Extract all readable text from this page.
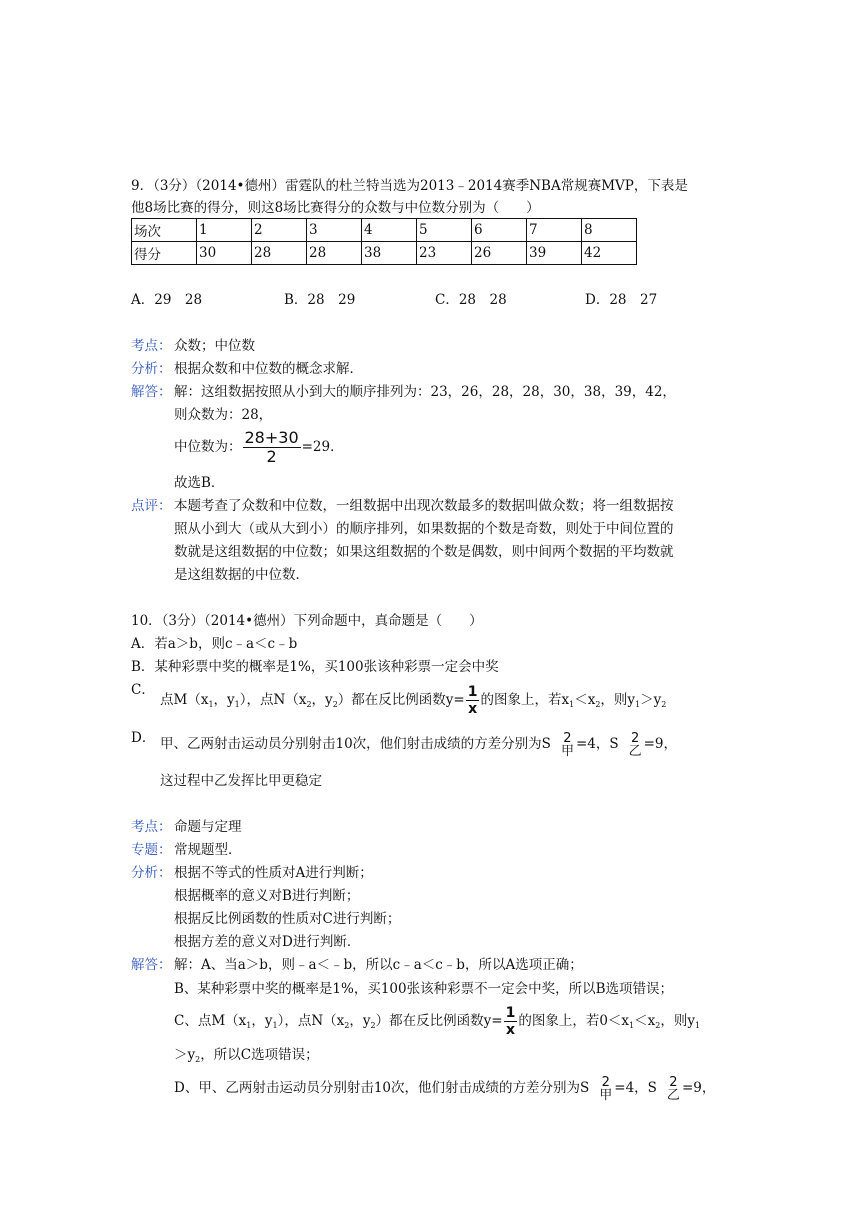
9．（3分）（2014•德州）雷霆队的杜兰特当选为2013﹣2014赛季NBA常规赛MVP，下表是
他8场比赛的得分，则这8场比赛得分的众数与中位数分别为（　　）
场次	1	2	3	4	5	6	7	8
得分	30	28	28	38	23	26	39	42
A．29　28	B．28　29	C．28　28	D．28　27
考点： 众数；中位数
分析： 根据众数和中位数的概念求解．
解答： 解：这组数据按照从小到大的顺序排列为：23，26，28，28，30，38，39，42，
则众数为：28，
中位数为： $\frac{28+30}{2} =29$．
故选B．
点评： 本题考查了众数和中位数，一组数据中出现次数最多的数据叫做众数；将一组数据按
照从小到大（或从大到小）的顺序排列，如果数据的个数是奇数，则处于中间位置的
数就是这组数据的中位数；如果这组数据的个数是偶数，则中间两个数据的平均数就
是这组数据的中位数．
10．（3分）（2014•德州）下列命题中，真命题是（　　）
A．若a＞b，则c﹣a＜c﹣b
B．某种彩票中奖的概率是1%，买100张该种彩票一定会中奖
C．
点$M(x_1$，$y_1$），点$N(x_2$，$y_2$）都在反比例函数$y= \frac{1}{x}$ 的图象上，若$x_1<x_2$，则$y_1>y_2$
D． 甲、乙两射击运动员分别射击10次，他们射击成绩的方差分别为S 2
甲 =4，S 2
乙 =9，
这过程中乙发挥比甲更稳定
考点： 命题与定理
专题： 常规题型．
分析： 根据不等式的性质对A进行判断；
根据概率的意义对B进行判断；
根据反比例函数的性质对C进行判断；
根据方差的意义对D进行判断．
解答： 解：A、当a＞b，则﹣a＜﹣b，所以c﹣a＜c﹣b，所以A选项正确；
B、某种彩票中奖的概率是1%，买100张该种彩票不一定会中奖，所以B选项错误；
C、点$M(x_1$，$y_1$），点$N(x_2$，$y_2$）都在反比例函数$y= \frac{1}{x}$ 的图象上，若$0<x_1<x_2$，则$y_1$
$>y_2$，所以C选项错误；
D、甲、乙两射击运动员分别射击10次，他们射击成绩的方差分别为S 2
甲 =4，S 2
乙 =9，
